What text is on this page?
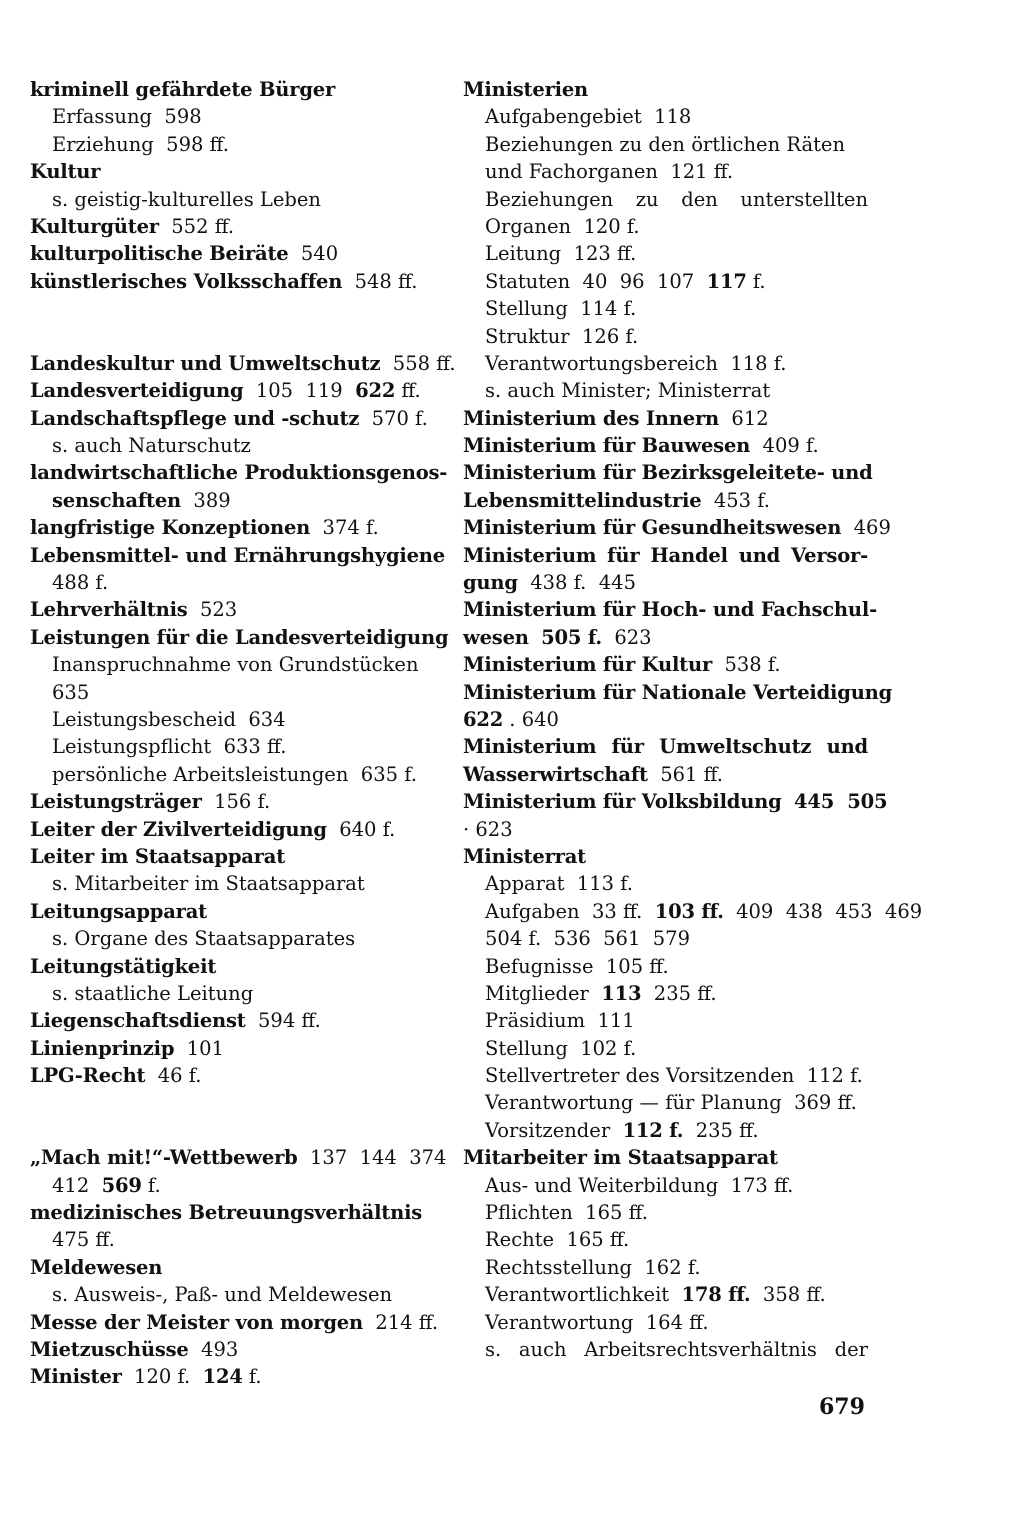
kriminell gefährdete Bürger
Erfassung  598
Erziehung  598 ff.
Kultur
s. geistig-kulturelles Leben
Kulturgüter  552 ff.
kulturpolitische Beiräte  540
künstlerisches Volksschaffen  548 ff.
Landeskultur und Umweltschutz  558 ff.
Landesverteidigung  105  119  622 ff.
Landschaftspflege und -schutz  570 f.
s. auch Naturschutz
landwirtschaftliche Produktionsgenos-
senschaften  389
langfristige Konzeptionen  374 f.
Lebensmittel- und Ernährungshygiene
488 f.
Lehrverhältnis  523
Leistungen für die Landesverteidigung
Inanspruchnahme von Grundstücken
635
Leistungsbescheid  634
Leistungspflicht  633 ff.
persönliche Arbeitsleistungen  635 f.
Leistungsträger  156 f.
Leiter der Zivilverteidigung  640 f.
Leiter im Staatsapparat
s. Mitarbeiter im Staatsapparat
Leitungsapparat
s. Organe des Staatsapparates
Leitungstätigkeit
s. staatliche Leitung
Liegenschaftsdienst  594 ff.
Linienprinzip  101
LPG-Recht  46 f.
„Mach mit!“-Wettbewerb  137  144  374
412  569 f.
medizinisches Betreuungsverhältnis
475 ff.
Meldewesen
s. Ausweis-, Paß- und Meldewesen
Messe der Meister von morgen  214 ff.
Mietzuschüsse  493
Minister  120 f.  124 f.
Ministerien
Aufgabengebiet  118
Beziehungen zu den örtlichen Räten
und Fachorganen  121 ff.
Beziehungen  zu  den  unterstellten
Organen  120 f.
Leitung  123 ff.
Statuten  40  96  107  117 f.
Stellung  114 f.
Struktur  126 f.
Verantwortungsbereich  118 f.
s. auch Minister; Ministerrat
Ministerium des Innern  612
Ministerium für Bauwesen  409 f.
Ministerium für Bezirksgeleitete- und
Lebensmittelindustrie  453 f.
Ministerium für Gesundheitswesen  469
Ministerium für Handel und Versor-
gung  438 f.  445
Ministerium für Hoch- und Fachschul-
wesen 505 f.  623
Ministerium für Kultur  538 f.
Ministerium für Nationale Verteidigung
622 . 640
Ministerium für Umweltschutz und
Wasserwirtschaft  561 ff.
Ministerium für Volksbildung 445  505
· 623
Ministerrat
Apparat  113 f.
Aufgaben  33 ff.  103 ff.  409  438  453  469
504 f.  536  561  579
Befugnisse  105 ff.
Mitglieder  113  235 ff.
Präsidium  111
Stellung  102 f.
Stellvertreter des Vorsitzenden  112 f.
Verantwortung — für Planung  369 ff.
Vorsitzender  112 f.  235 ff.
Mitarbeiter im Staatsapparat
Aus- und Weiterbildung  173 ff.
Pflichten  165 ff.
Rechte  165 ff.
Rechtsstellung  162 f.
Verantwortlichkeit  178 ff.  358 ff.
Verantwortung  164 ff.
s.  auch  Arbeitsrechtsverhältnis  der
679
